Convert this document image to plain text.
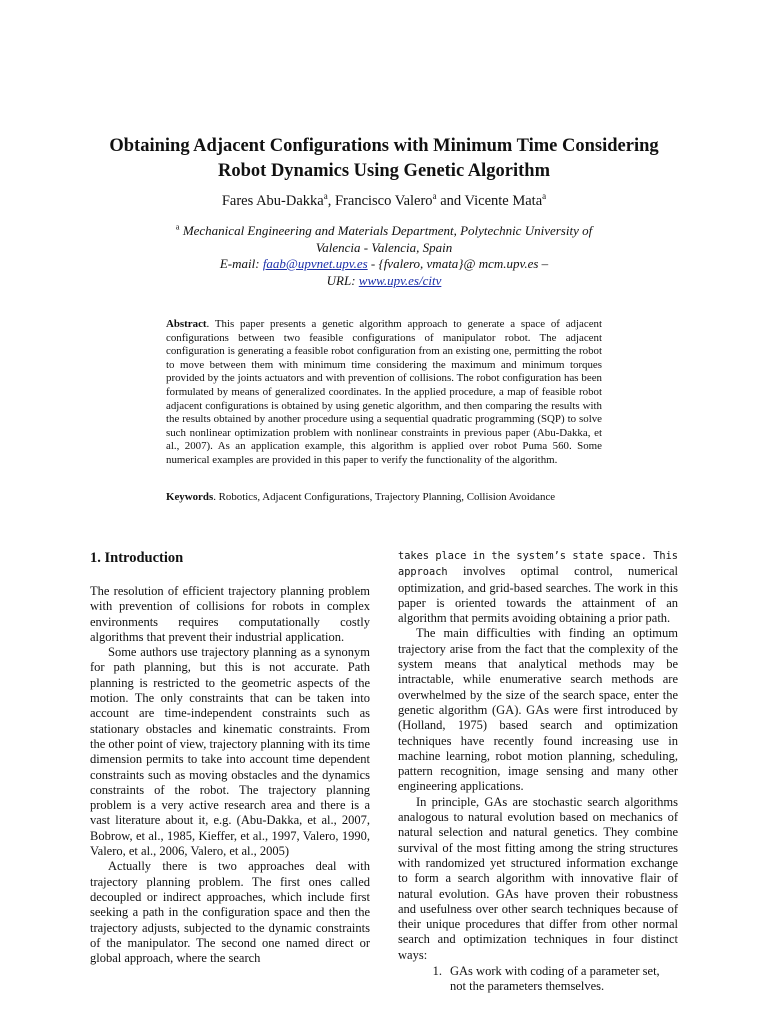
Obtaining Adjacent Configurations with Minimum Time Considering
Robot Dynamics Using Genetic Algorithm
Fares Abu-Dakka$^a$, Francisco Valero$^a$ and Vicente Mata$^a$
$^a$ Mechanical Engineering and Materials Department, Polytechnic University of
Valencia - Valencia, Spain
E-mail: faab@upvnet.upv.es - {fvalero, vmata}@ mcm.upv.es –
URL: www.upv.es/citv
Abstract. This paper presents a genetic algorithm approach to generate a space of adjacent configurations between two feasible configurations of manipulator robot. The adjacent configuration is generating a feasible robot configuration from an existing one, permitting the robot to move between them with minimum time considering the maximum and minimum torques provided by the joints actuators and with prevention of collisions. The robot configuration has been formulated by means of generalized coordinates. In the applied procedure, a map of feasible robot adjacent configurations is obtained by using genetic algorithm, and then comparing the results with the results obtained by another procedure using a sequential quadratic programming (SQP) to solve such nonlinear optimization problem with nonlinear constraints in previous paper (Abu-Dakka, et al., 2007). As an application example, this algorithm is applied over robot Puma 560. Some numerical examples are provided in this paper to verify the functionality of the algorithm.
Keywords. Robotics, Adjacent Configurations, Trajectory Planning, Collision Avoidance
1. Introduction

The resolution of efficient trajectory planning problem with prevention of collisions for robots in complex environments requires computationally costly algorithms that prevent their industrial application.

Some authors use trajectory planning as a synonym for path planning, but this is not accurate. Path planning is restricted to the geometric aspects of the motion. The only constraints that can be taken into account are time-independent constraints such as stationary obstacles and kinematic constraints. From the other point of view, trajectory planning with its time dimension permits to take into account time dependent constraints such as moving obstacles and the dynamics constraints of the robot. The trajectory planning problem is a very active research area and there is a vast literature about it, e.g. (Abu-Dakka, et al., 2007, Bobrow, et al., 1985, Kieffer, et al., 1997, Valero, 1990, Valero, et al., 2006, Valero, et al., 2005)

Actually there is two approaches deal with trajectory planning problem. The first ones called decoupled or indirect approaches, which include first seeking a path in the configuration space and then the trajectory adjusts, subjected to the dynamic constraints of the manipulator. The second one named direct or global approach, where the search

takes place in the system’s state space. This approach involves optimal control, numerical optimization, and grid-based searches. The work in this paper is oriented towards the attainment of an algorithm that permits avoiding obtaining a prior path.

The main difficulties with finding an optimum trajectory arise from the fact that the complexity of the system means that analytical methods may be intractable, while enumerative search methods are overwhelmed by the size of the search space, enter the genetic algorithm (GA). GAs were first introduced by (Holland, 1975) based search and optimization techniques have recently found increasing use in machine learning, robot motion planning, scheduling, pattern recognition, image sensing and many other engineering applications.

In principle, GAs are stochastic search algorithms analogous to natural evolution based on mechanics of natural selection and natural genetics. They combine survival of the most fitting among the string structures with randomized yet structured information exchange to form a search algorithm with innovative flair of natural evolution. GAs have proven their robustness and usefulness over other search techniques because of their unique procedures that differ from other normal search and optimization techniques in four distinct ways:

1. GAs work with coding of a parameter set, not the parameters themselves.
